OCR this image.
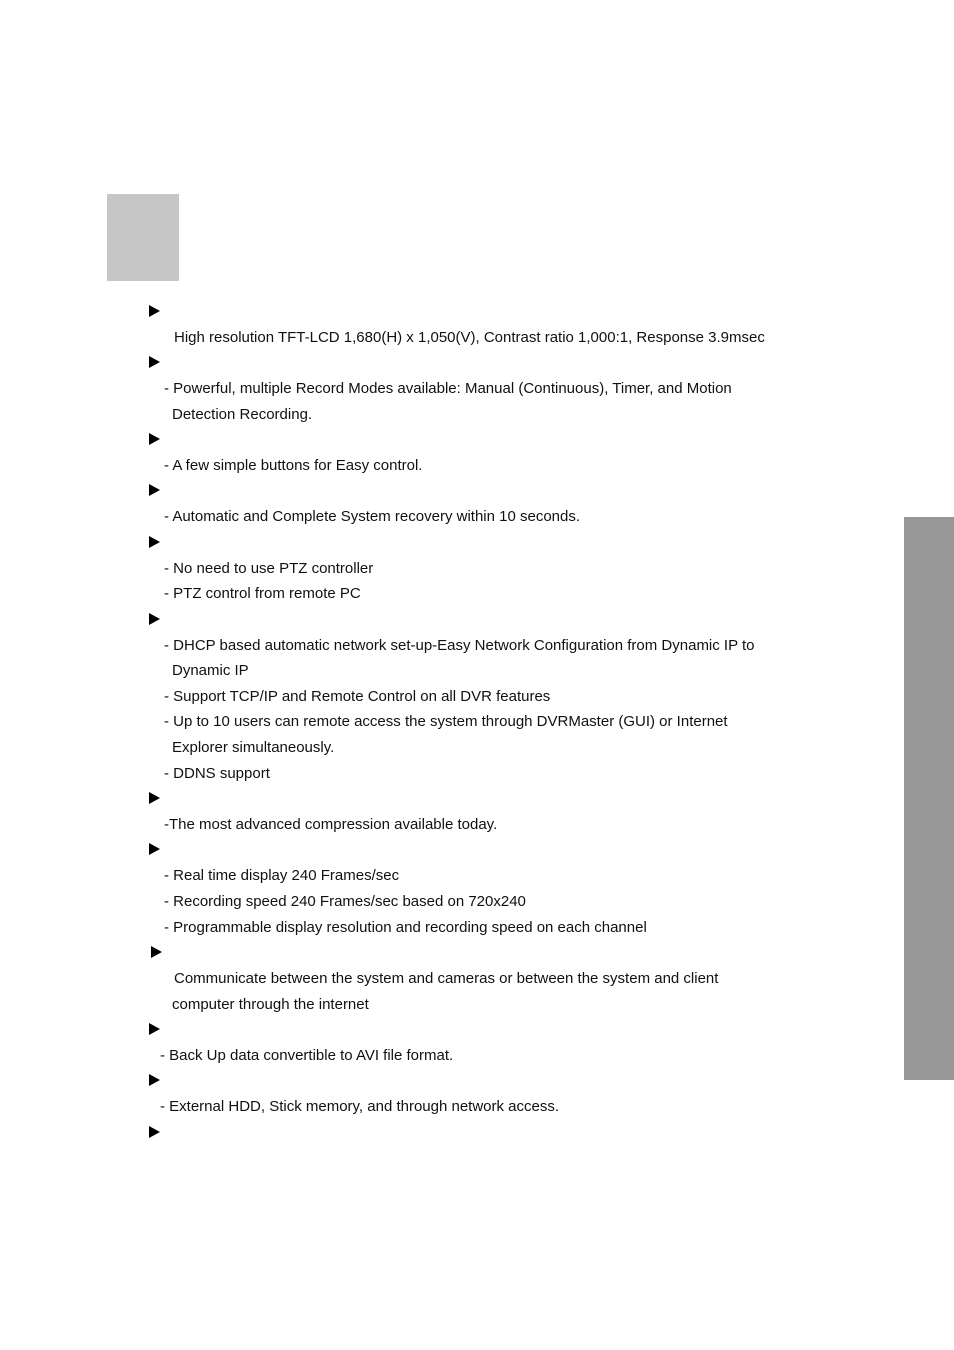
High resolution TFT-LCD 1,680(H) x 1,050(V), Contrast ratio 1,000:1, Response 3.9msec
- Powerful, multiple Record Modes available: Manual (Continuous), Timer, and Motion
Detection Recording.
- A few simple buttons for Easy control.
- Automatic and Complete System recovery within 10 seconds.
- No need to use PTZ controller
- PTZ control from remote PC
- DHCP based automatic network set-up-Easy Network Configuration from Dynamic IP to
Dynamic IP
- Support TCP/IP and Remote Control on all DVR features
- Up to 10 users can remote access the system through DVRMaster (GUI) or Internet
Explorer simultaneously.
- DDNS support
-The most advanced compression available today.
- Real time display 240 Frames/sec
- Recording speed 240 Frames/sec based on 720x240
- Programmable display resolution and recording speed on each channel
Communicate between the system and cameras or between the system and client
computer through the internet
- Back Up data convertible to AVI file format.
- External HDD, Stick memory, and through network access.
